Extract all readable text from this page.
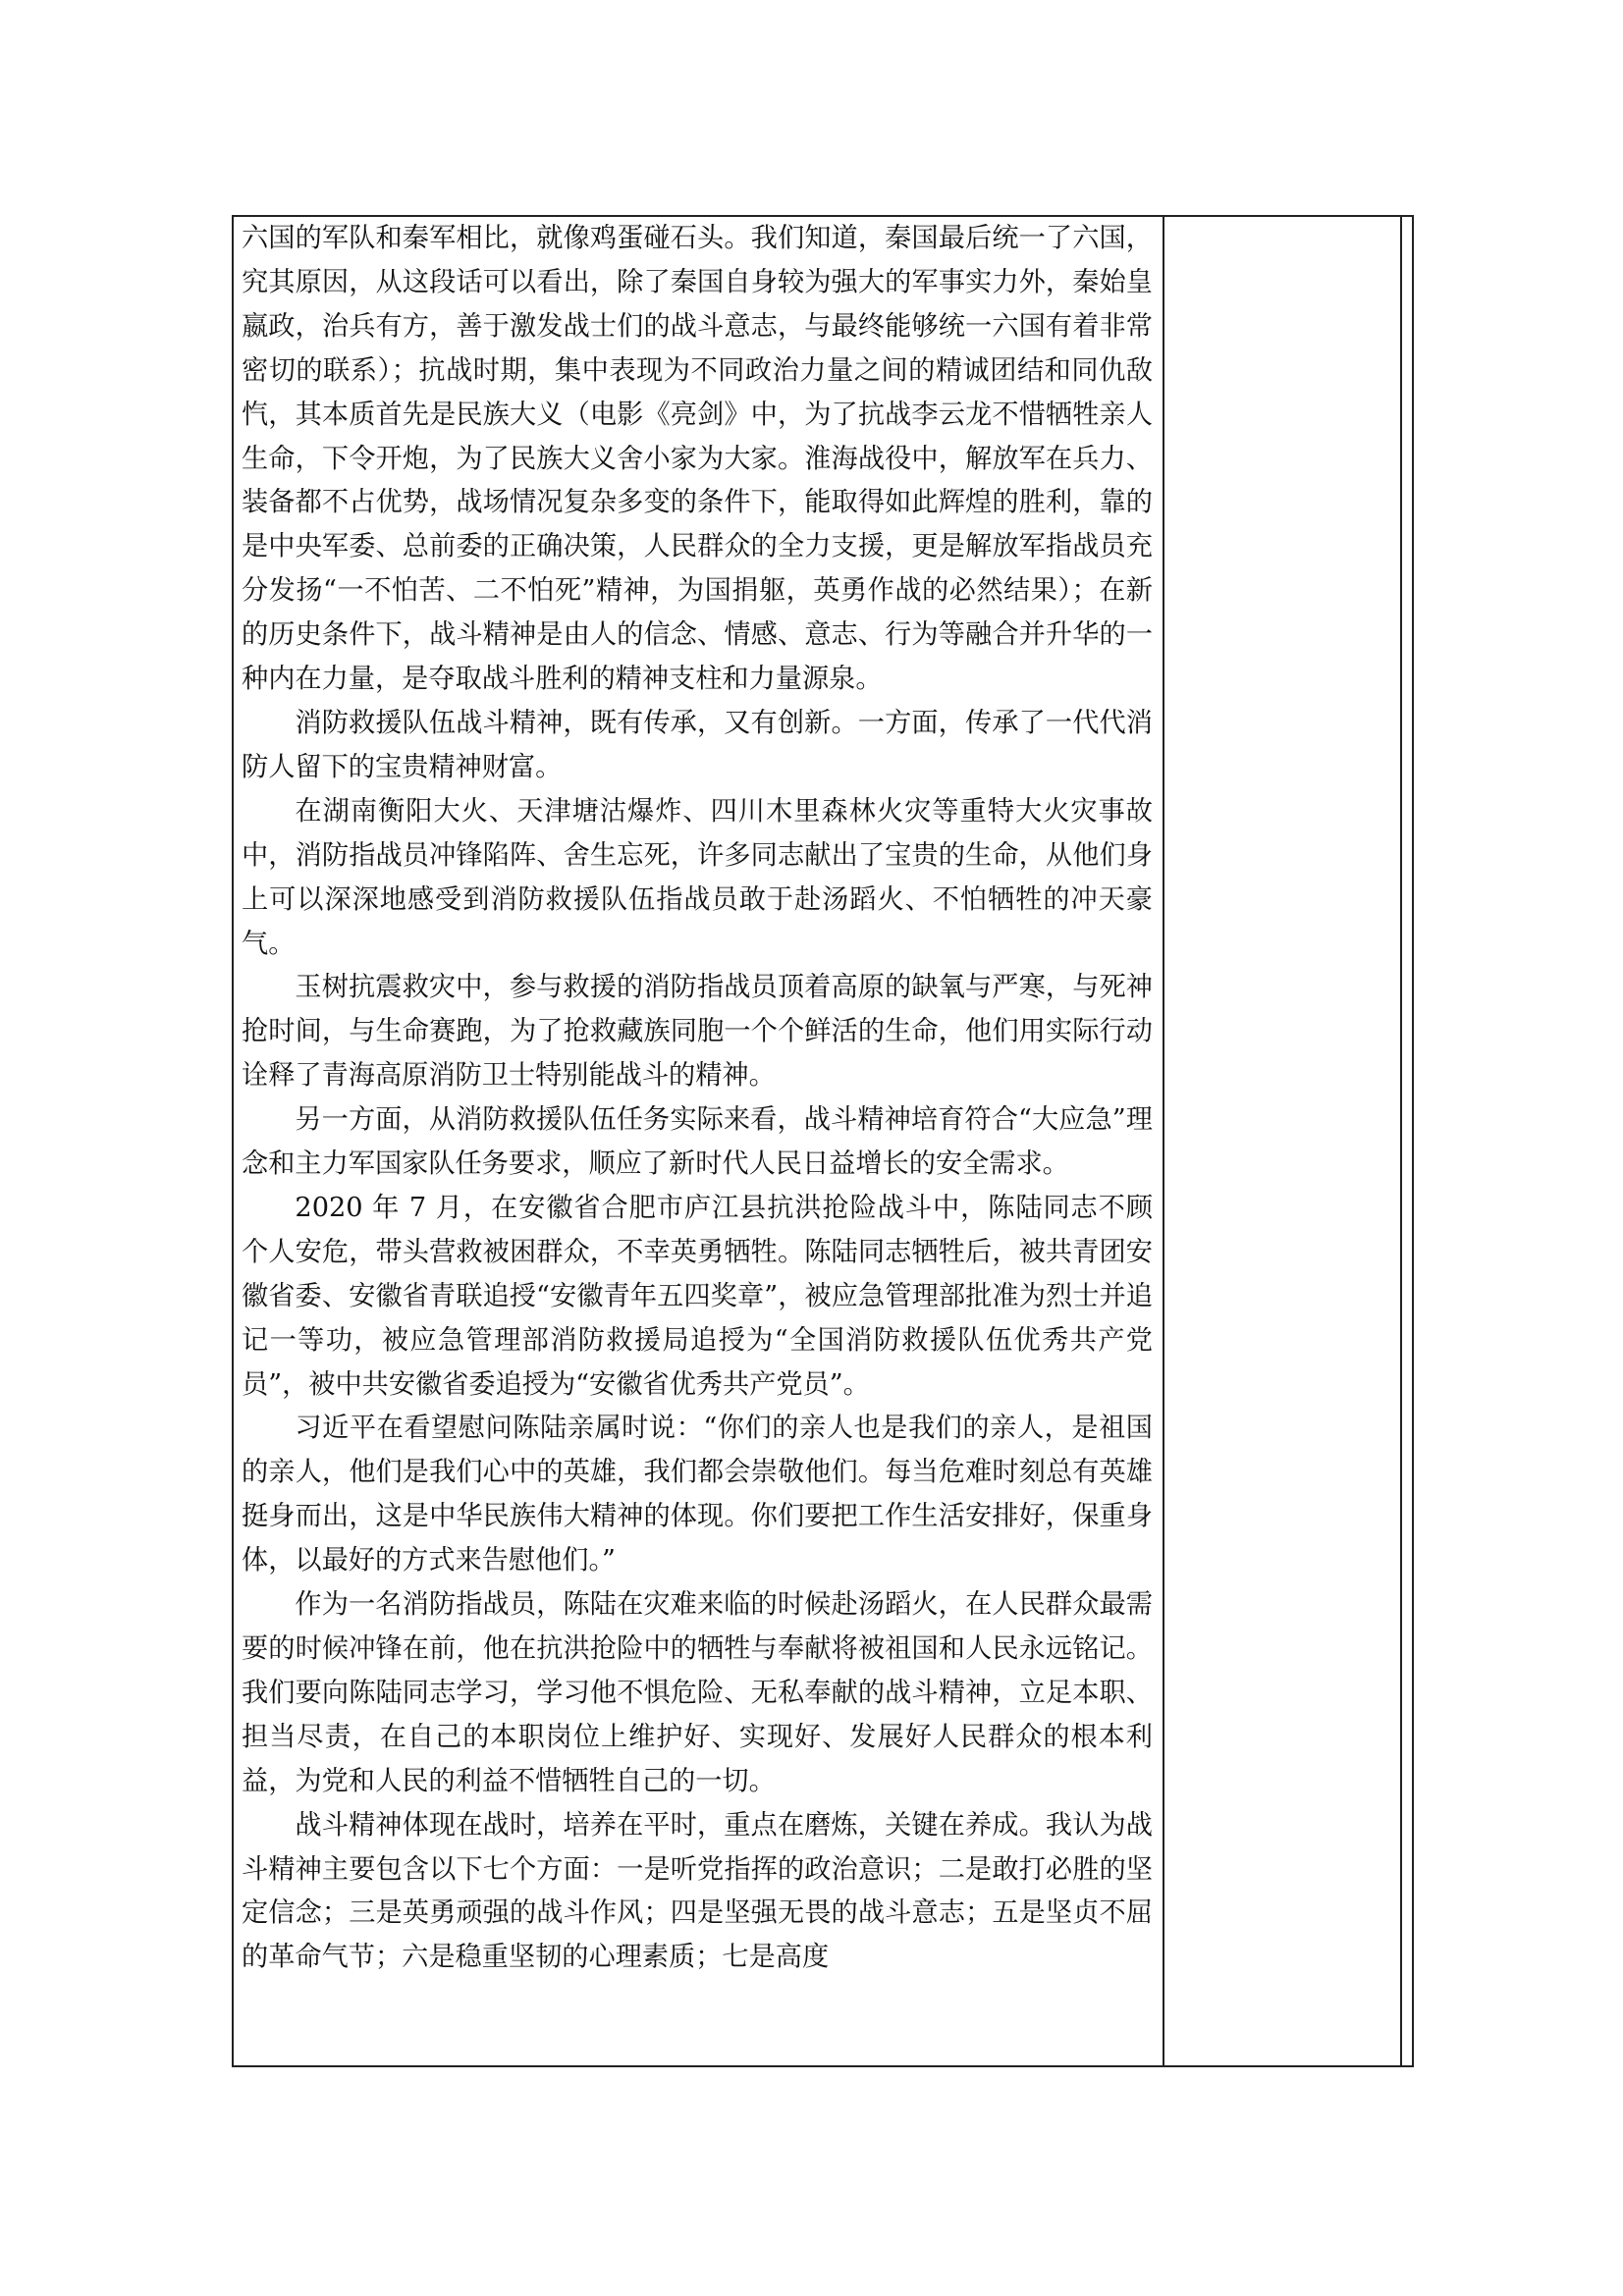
六国的军队和秦军相比，就像鸡蛋碰石头。我们知道，秦国最后统一了六国，究其原因，从这段话可以看出，除了秦国自身较为强大的军事实力外，秦始皇嬴政，治兵有方，善于激发战士们的战斗意志，与最终能够统一六国有着非常密切的联系）；抗战时期，集中表现为不同政治力量之间的精诚团结和同仇敌忾，其本质首先是民族大义（电影《亮剑》中，为了抗战李云龙不惜牺牲亲人生命，下令开炮，为了民族大义舍小家为大家。淮海战役中，解放军在兵力、装备都不占优势，战场情况复杂多变的条件下，能取得如此辉煌的胜利，靠的是中央军委、总前委的正确决策，人民群众的全力支援，更是解放军指战员充分发扬“一不怕苦、二不怕死”精神，为国捐躯，英勇作战的必然结果）；在新的历史条件下，战斗精神是由人的信念、情感、意志、行为等融合并升华的一种内在力量，是夺取战斗胜利的精神支柱和力量源泉。

消防救援队伍战斗精神，既有传承，又有创新。一方面，传承了一代代消防人留下的宝贵精神财富。

在湖南衡阳大火、天津塘沽爆炸、四川木里森林火灾等重特大火灾事故中，消防指战员冲锋陷阵、舍生忘死，许多同志献出了宝贵的生命，从他们身上可以深深地感受到消防救援队伍指战员敢于赴汤蹈火、不怕牺牲的冲天豪气。

玉树抗震救灾中，参与救援的消防指战员顶着高原的缺氧与严寒，与死神抢时间，与生命赛跑，为了抢救藏族同胞一个个鲜活的生命，他们用实际行动诠释了青海高原消防卫士特别能战斗的精神。

另一方面，从消防救援队伍任务实际来看，战斗精神培育符合“大应急”理念和主力军国家队任务要求，顺应了新时代人民日益增长的安全需求。

2020 年 7 月，在安徽省合肥市庐江县抗洪抢险战斗中，陈陆同志不顾个人安危，带头营救被困群众，不幸英勇牺牲。陈陆同志牺牲后，被共青团安徽省委、安徽省青联追授“安徽青年五四奖章”，被应急管理部批准为烈士并追记一等功，被应急管理部消防救援局追授为“全国消防救援队伍优秀共产党员”，被中共安徽省委追授为“安徽省优秀共产党员”。

习近平在看望慰问陈陆亲属时说：“你们的亲人也是我们的亲人，是祖国的亲人，他们是我们心中的英雄，我们都会崇敬他们。每当危难时刻总有英雄挺身而出，这是中华民族伟大精神的体现。你们要把工作生活安排好，保重身体，以最好的方式来告慰他们。”

作为一名消防指战员，陈陆在灾难来临的时候赴汤蹈火，在人民群众最需要的时候冲锋在前，他在抗洪抢险中的牺牲与奉献将被祖国和人民永远铭记。我们要向陈陆同志学习，学习他不惧危险、无私奉献的战斗精神，立足本职、担当尽责，在自己的本职岗位上维护好、实现好、发展好人民群众的根本利益，为党和人民的利益不惜牺牲自己的一切。

战斗精神体现在战时，培养在平时，重点在磨炼，关键在养成。我认为战斗精神主要包含以下七个方面：一是听党指挥的政治意识；二是敢打必胜的坚定信念；三是英勇顽强的战斗作风；四是坚强无畏的战斗意志；五是坚贞不屈的革命气节；六是稳重坚韧的心理素质；七是高度
